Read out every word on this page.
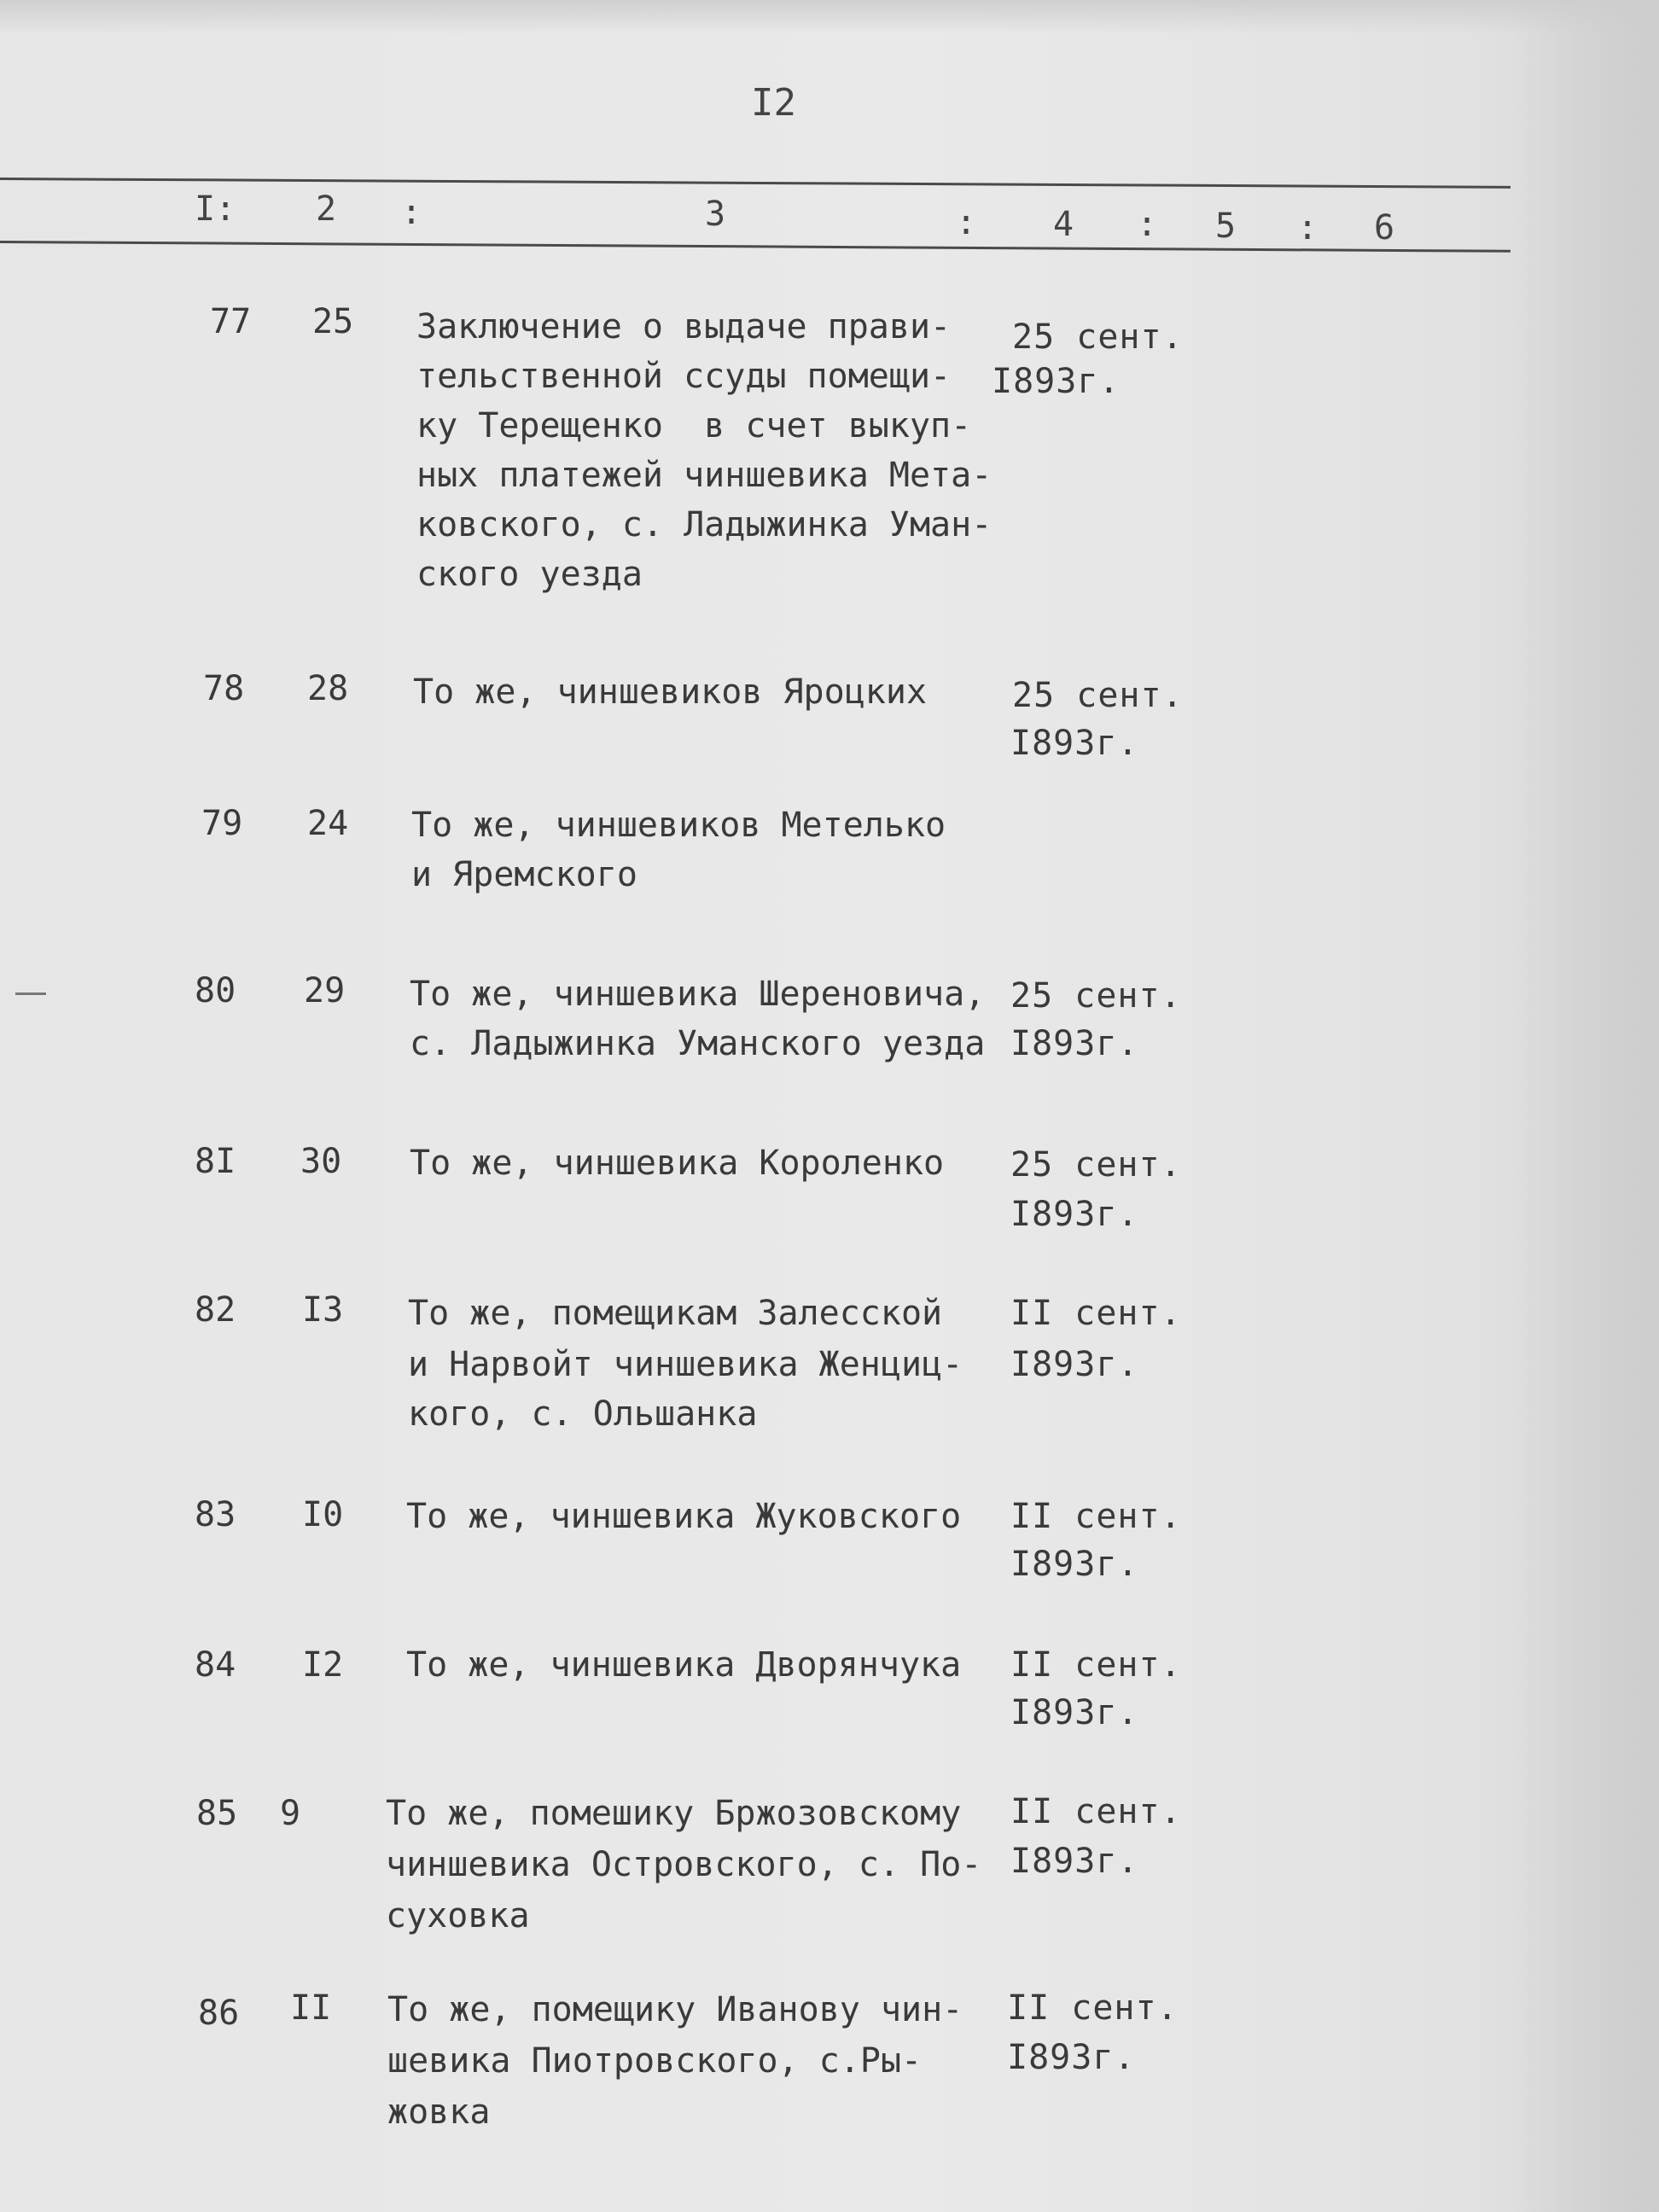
I2
I: 2 :	3	: 4 : 5 : 6
77 25 Заключение о выдаче прави-
тельственной ссуды помещи-
ку Терещенко  в счет выкуп-
ных платежей чиншевика Мета-
ковского, с. Ладыжинка Уман-
ского уезда
25 сент.
I893г.
78 28 То же, чиншевиков Яроцких 25 сент.
I893г.
79 24 То же, чиншевиков Метелько
и Яремского
80 29 То же, чиншевика Шереновича,
с. Ладыжинка Уманского уезда
25 сент.
I893г.
8I 30 То же, чиншевика Короленко 25 сент.
I893г.
82 I3 То же, помещикам Залесской
и Нарвойт чиншевика Женциц-
кого, с. Ольшанка
II сент.
I893г.
83 I0 То же, чиншевика Жуковского II сент.
I893г.
84 I2 То же, чиншевика Дворянчука II сент.
I893г.
85 9 То же, помешику Бржозовскому
чиншевика Островского, с. По-
суховка
II сент.
I893г.
86 II То же, помещику Иванову чин-
шевика Пиотровского, с.Ры-
жовка
II сент.
I893г.
